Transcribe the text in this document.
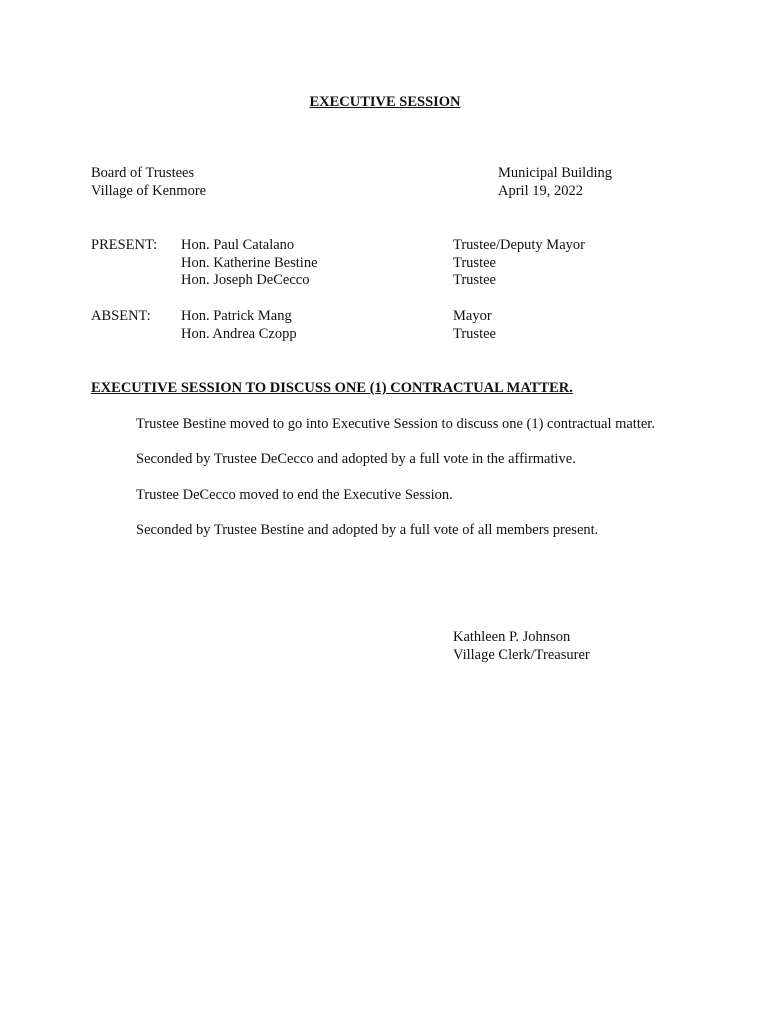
EXECUTIVE SESSION
Board of Trustees
Village of Kenmore
Municipal Building
April 19, 2022
PRESENT: Hon. Paul Catalano
Hon. Katherine Bestine
Hon. Joseph DeCecco
Trustee/Deputy Mayor
Trustee
Trustee
ABSENT: Hon. Patrick Mang
Hon. Andrea Czopp
Mayor
Trustee
EXECUTIVE SESSION TO DISCUSS ONE (1) CONTRACTUAL MATTER.
Trustee Bestine moved to go into Executive Session to discuss one (1) contractual matter.
Seconded by Trustee DeCecco and adopted by a full vote in the affirmative.
Trustee DeCecco moved to end the Executive Session.
Seconded by Trustee Bestine and adopted by a full vote of all members present.
Kathleen P. Johnson
Village Clerk/Treasurer
